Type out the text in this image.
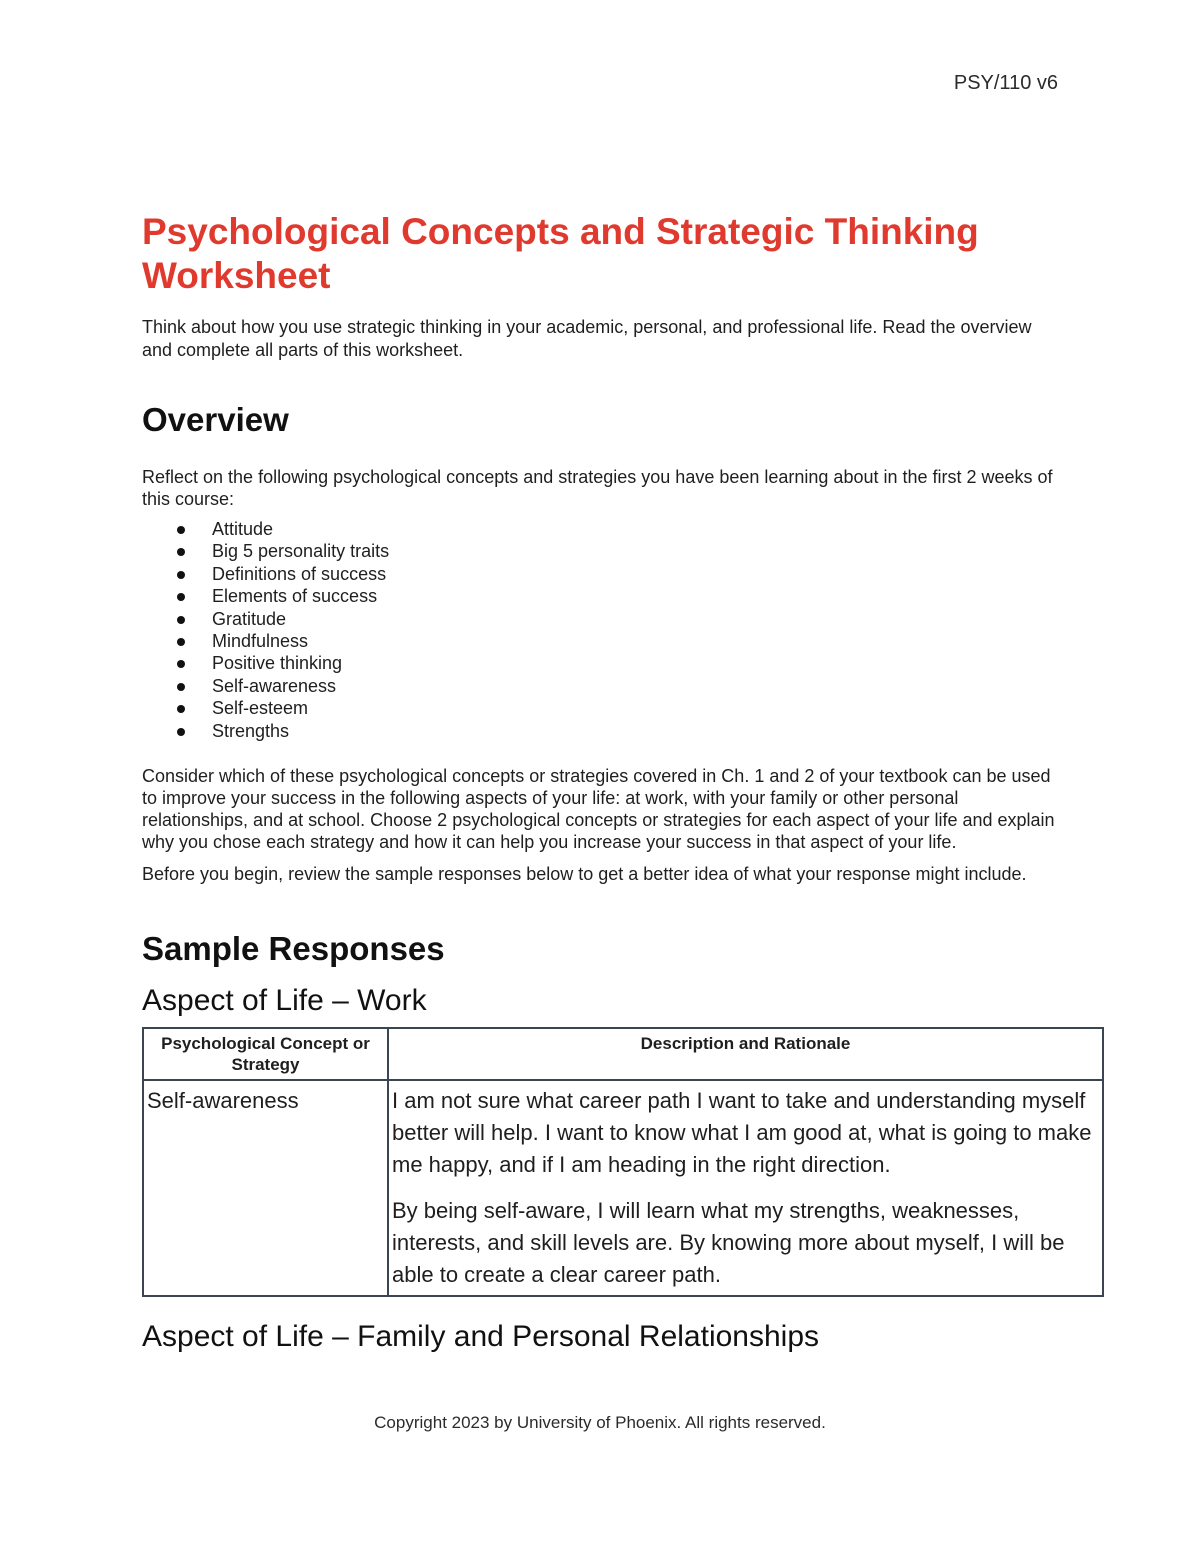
PSY/110 v6
Psychological Concepts and Strategic Thinking Worksheet

Think about how you use strategic thinking in your academic, personal, and professional life. Read the overview and complete all parts of this worksheet.

Overview

Reflect on the following psychological concepts and strategies you have been learning about in the first 2 weeks of this course:

Attitude
Big 5 personality traits
Definitions of success
Elements of success
Gratitude
Mindfulness
Positive thinking
Self-awareness
Self-esteem
Strengths

Consider which of these psychological concepts or strategies covered in Ch. 1 and 2 of your textbook can be used to improve your success in the following aspects of your life: at work, with your family or other personal relationships, and at school. Choose 2 psychological concepts or strategies for each aspect of your life and explain why you chose each strategy and how it can help you increase your success in that aspect of your life.

Before you begin, review the sample responses below to get a better idea of what your response might include.

Sample Responses
Aspect of Life – Work
Psychological Concept or Strategy	Description and Rationale
Self-awareness	I am not sure what career path I want to take and understanding myself better will help. I want to know what I am good at, what is going to make me happy, and if I am heading in the right direction.
By being self-aware, I will learn what my strengths, weaknesses, interests, and skill levels are. By knowing more about myself, I will be able to create a clear career path.
Aspect of Life – Family and Personal Relationships
Copyright 2023 by University of Phoenix. All rights reserved.
